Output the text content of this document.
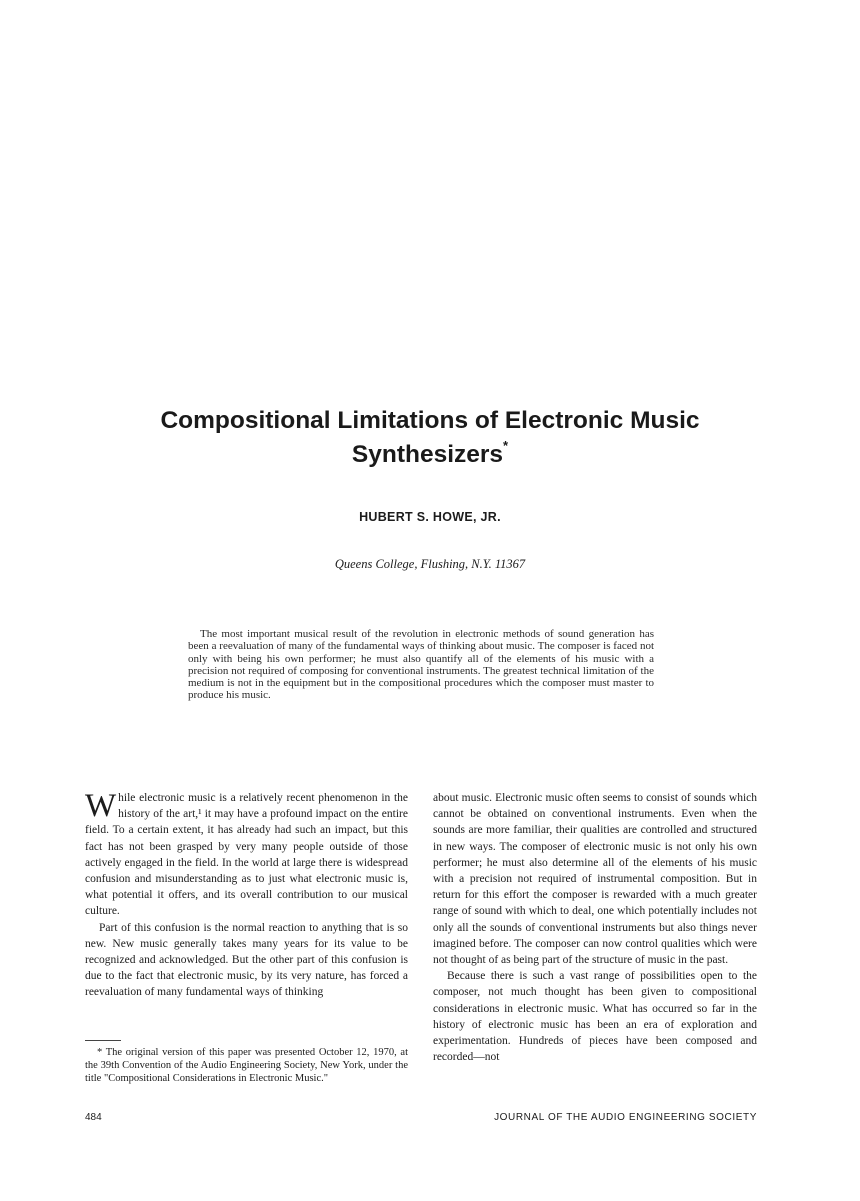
Compositional Limitations of Electronic Music
Synthesizers*
HUBERT S. HOWE, JR.
Queens College, Flushing, N.Y. 11367
The most important musical result of the revolution in electronic methods of sound generation has been a reevaluation of many of the fundamental ways of thinking about music. The composer is faced not only with being his own performer; he must also quantify all of the elements of his music with a precision not required of composing for conventional instruments. The greatest technical limitation of the medium is not in the equipment but in the compositional procedures which the composer must master to produce his music.

While electronic music is a relatively recent phenomenon in the history of the art,¹ it may have a profound impact on the entire field. To a certain extent, it has already had such an impact, but this fact has not been grasped by very many people outside of those actively engaged in the field. In the world at large there is widespread confusion and misunderstanding as to just what electronic music is, what potential it offers, and its overall contribution to our musical culture.

Part of this confusion is the normal reaction to anything that is so new. New music generally takes many years for its value to be recognized and acknowledged. But the other part of this confusion is due to the fact that electronic music, by its very nature, has forced a reevaluation of many fundamental ways of thinking

about music. Electronic music often seems to consist of sounds which cannot be obtained on conventional instruments. Even when the sounds are more familiar, their qualities are controlled and structured in new ways. The composer of electronic music is not only his own performer; he must also determine all of the elements of his music with a precision not required of instrumental composition. But in return for this effort the composer is rewarded with a much greater range of sound with which to deal, one which potentially includes not only all the sounds of conventional instruments but also things never imagined before. The composer can now control qualities which were not thought of as being part of the structure of music in the past.

Because there is such a vast range of possibilities open to the composer, not much thought has been given to compositional considerations in electronic music. What has occurred so far in the history of electronic music has been an era of exploration and experimentation. Hundreds of pieces have been composed and recorded—not

* The original version of this paper was presented October 12, 1970, at the 39th Convention of the Audio Engineering Society, New York, under the title "Compositional Considerations in Electronic Music."
484	JOURNAL OF THE AUDIO ENGINEERING SOCIETY
